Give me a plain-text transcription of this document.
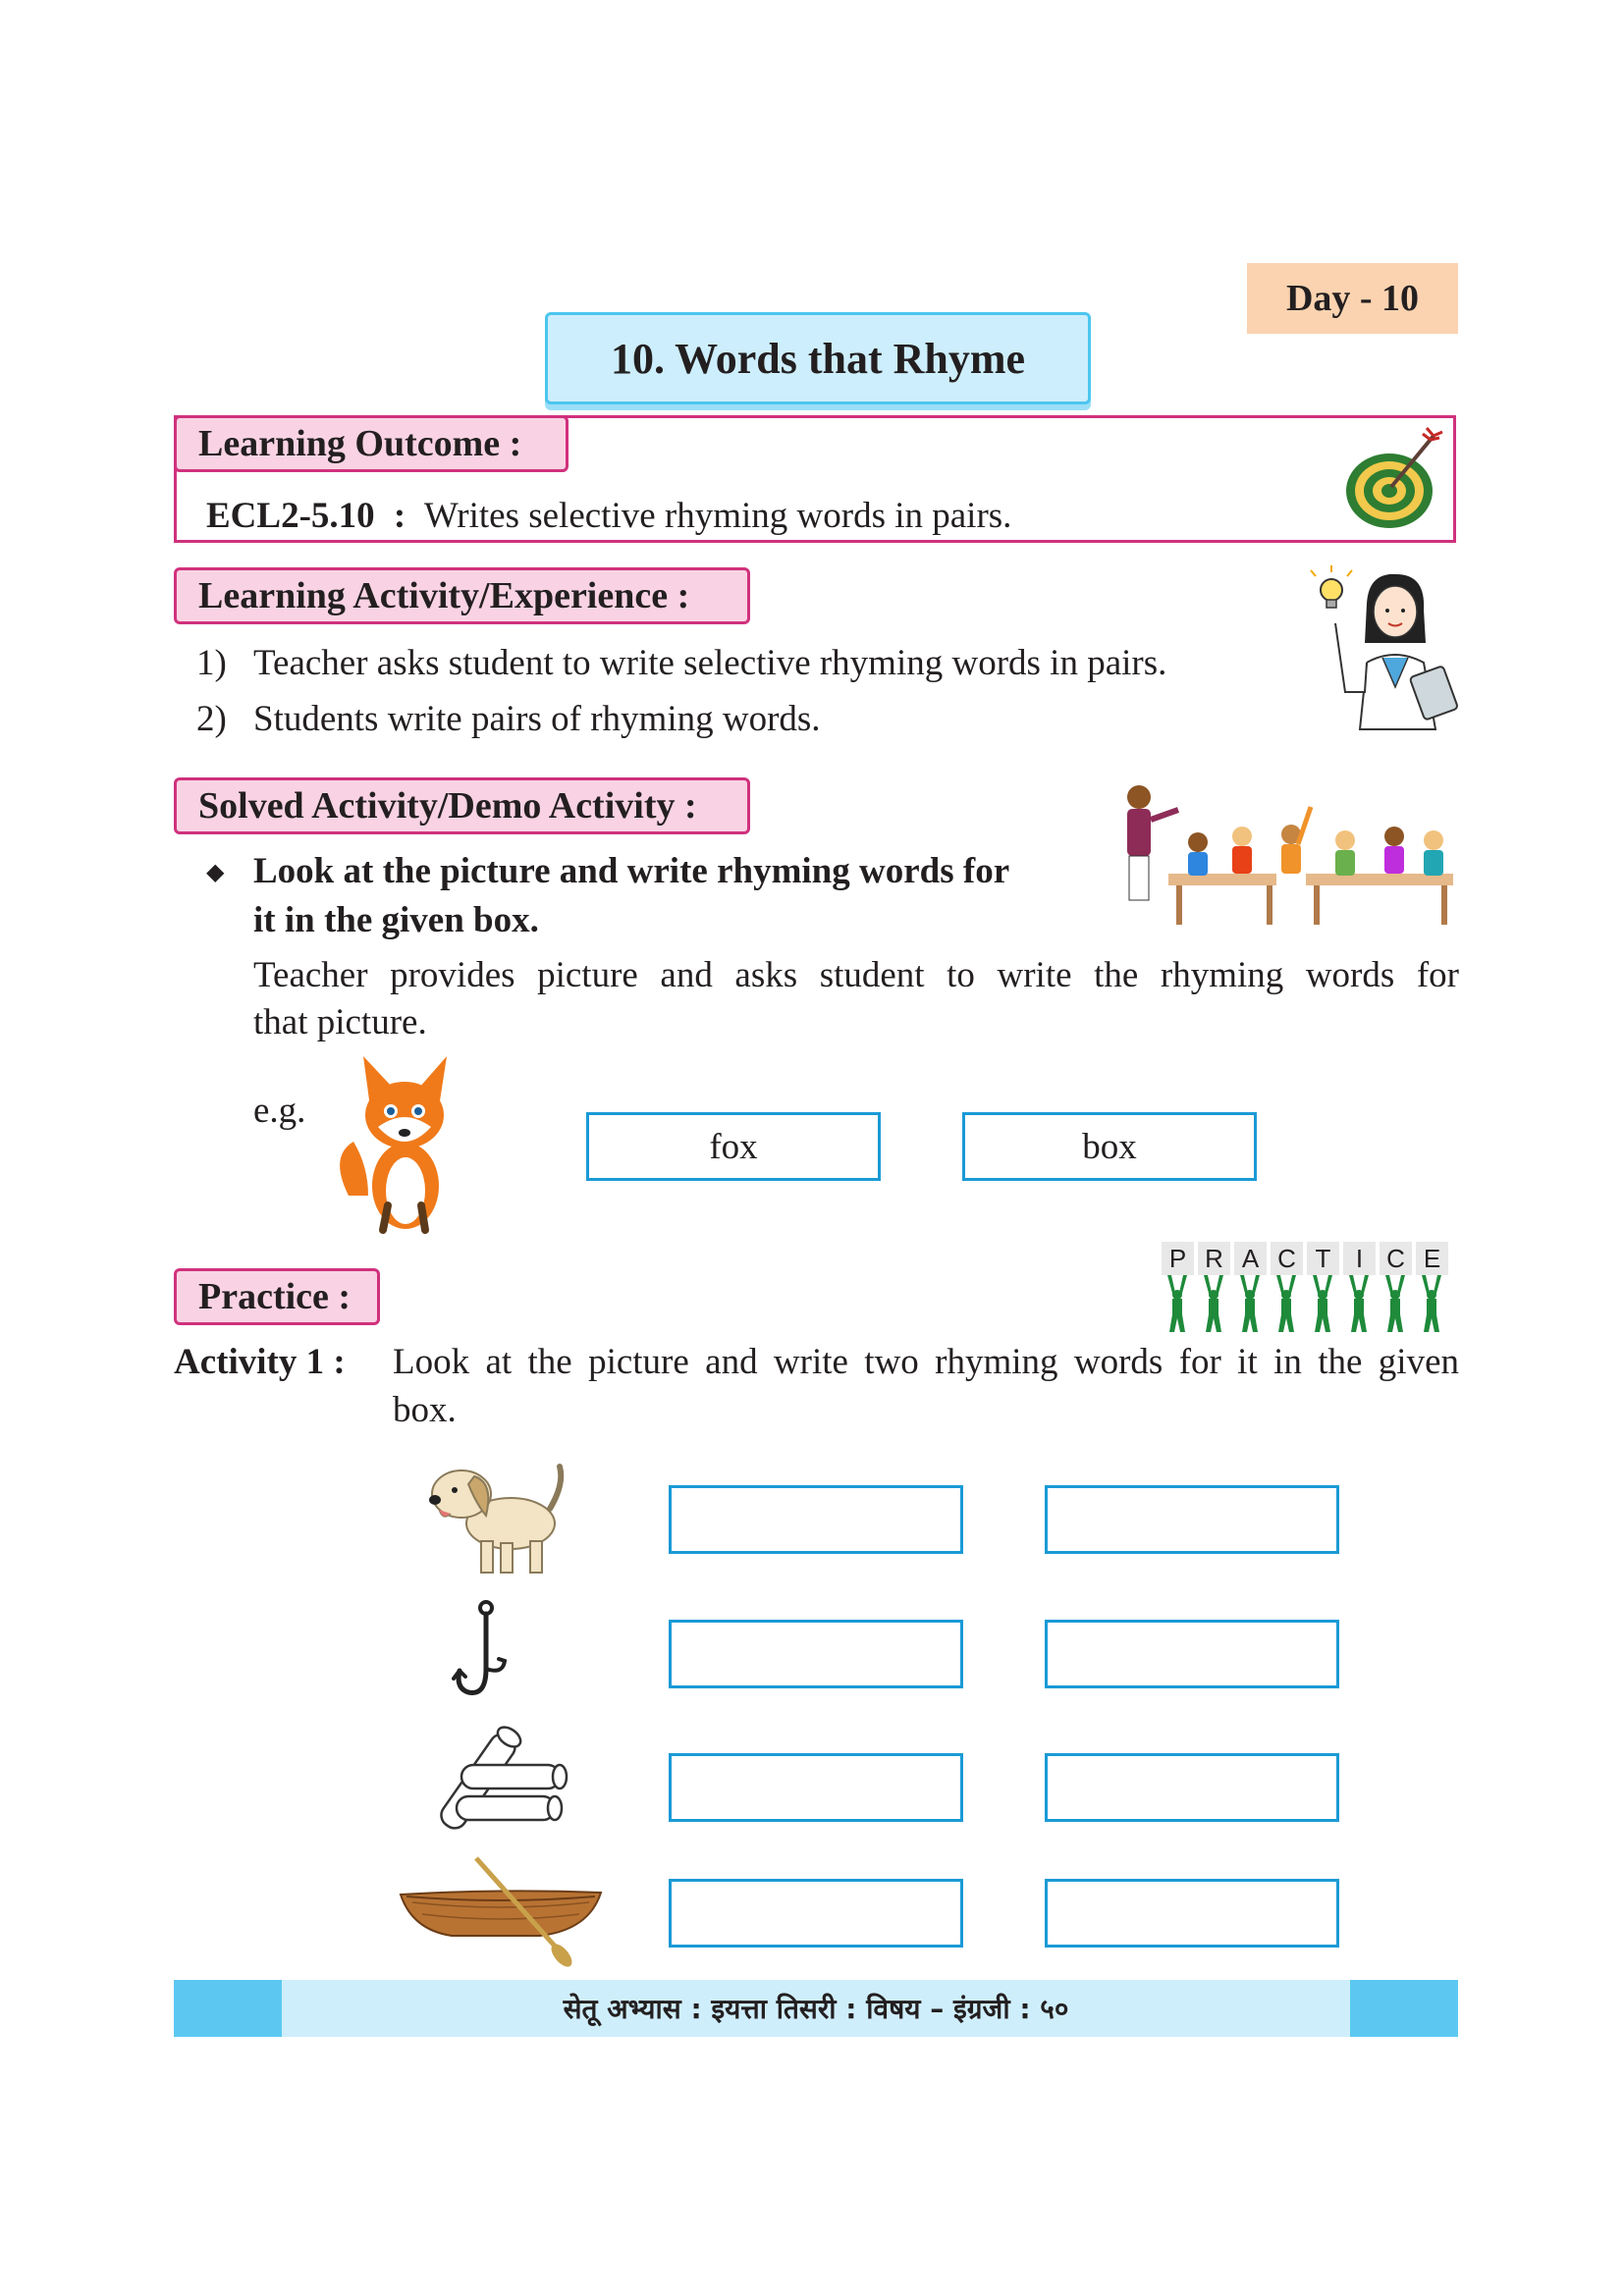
Day - 10
10. Words that Rhyme
Learning Outcome :
ECL2-5.10 : Writes selective rhyming words in pairs.
Learning Activity/Experience :
1) Teacher asks student to write selective rhyming words in pairs.
2) Students write pairs of rhyming words.
Solved Activity/Demo Activity :
◆ Look at the picture and write rhyming words for
it in the given box.
Teacher provides picture and asks student to write the rhyming words for
that picture.
e.g.
fox	box
Practice :
P R A C T I C E
Activity 1 : Look at the picture and write two rhyming words for it in the given
box.
सेतू अभ्यास : इयत्ता तिसरी : विषय – इंग्रजी : ५०
